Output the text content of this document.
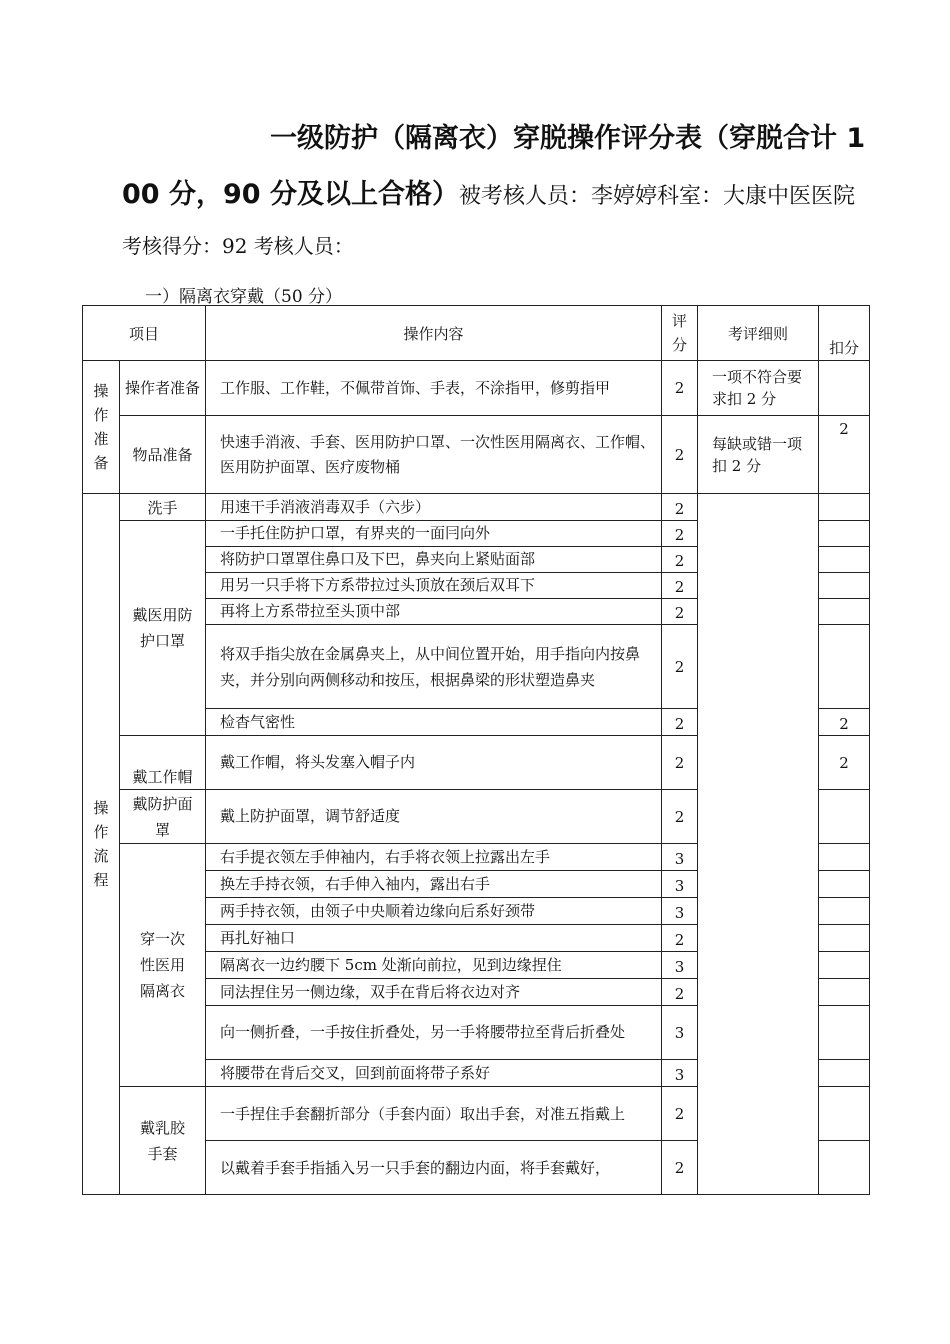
一级防护（隔离衣）穿脱操作评分表（穿脱合计 1
00 分，90 分及以上合格）被考核人员：李婷婷科室：大康中医医院
考核得分：92 考核人员：
一）隔离衣穿戴（50 分）
项目		操作内容	评分	考评细则	扣分
操作准备	操作者准备	工作服、工作鞋，不佩带首饰、手表，不涂指甲，修剪指甲	2	一项不符合要求扣 2 分	
	物品准备	快速手消液、手套、医用防护口罩、一次性医用隔离衣、工作帽、医用防护面罩、医疗废物桶	2	每缺或错一项扣 2 分	2
操作流程	洗手	用速干手消液消毒双手（六步）	2		
	戴医用防护口罩	一手托住防护口罩，有界夹的一面冃向外	2		
		将防护口罩罩住鼻口及下巴，鼻夹向上紧贴面部	2		
		用另一只手将下方系带拉过头顶放在颈后双耳下	2		
		再将上方系带拉至头顶中部	2		
		将双手指尖放在金属鼻夹上，从中间位置开始，用手指向内按鼻夹，并分别向两侧移动和按压，根据鼻梁的形状塑造鼻夹	2		
		检杳气密性	2		2
	戴工作帽	戴工作帽，将头发塞入帽子内	2		2
	戴防护面罩	戴上防护面罩，调节舒适度	2		
	穿一次性医用隔离衣	右手提衣领左手伸袖内，右手将衣领上拉露出左手	3		
		换左手持衣领，右手伸入袖内，露出右手	3		
		两手持衣领，由领子中央顺着边缘向后系好颈带	3		
		再扎好袖口	2		
		隔离衣一边约腰下 5cm 处渐向前拉，见到边缘捏住	3		
		同法捏住另一侧边缘，双手在背后将衣边对齐	2		
		向一侧折叠，一手按住折叠处，另一手将腰带拉至背后折叠处	3		
		将腰带在背后交叉，回到前面将带子系好	3		
	戴乳胶手套	一手捏住手套翻折部分（手套内面）取出手套，对准五指戴上	2		
		以戴着手套手指插入另一只手套的翻边内面，将手套戴好，	2		
